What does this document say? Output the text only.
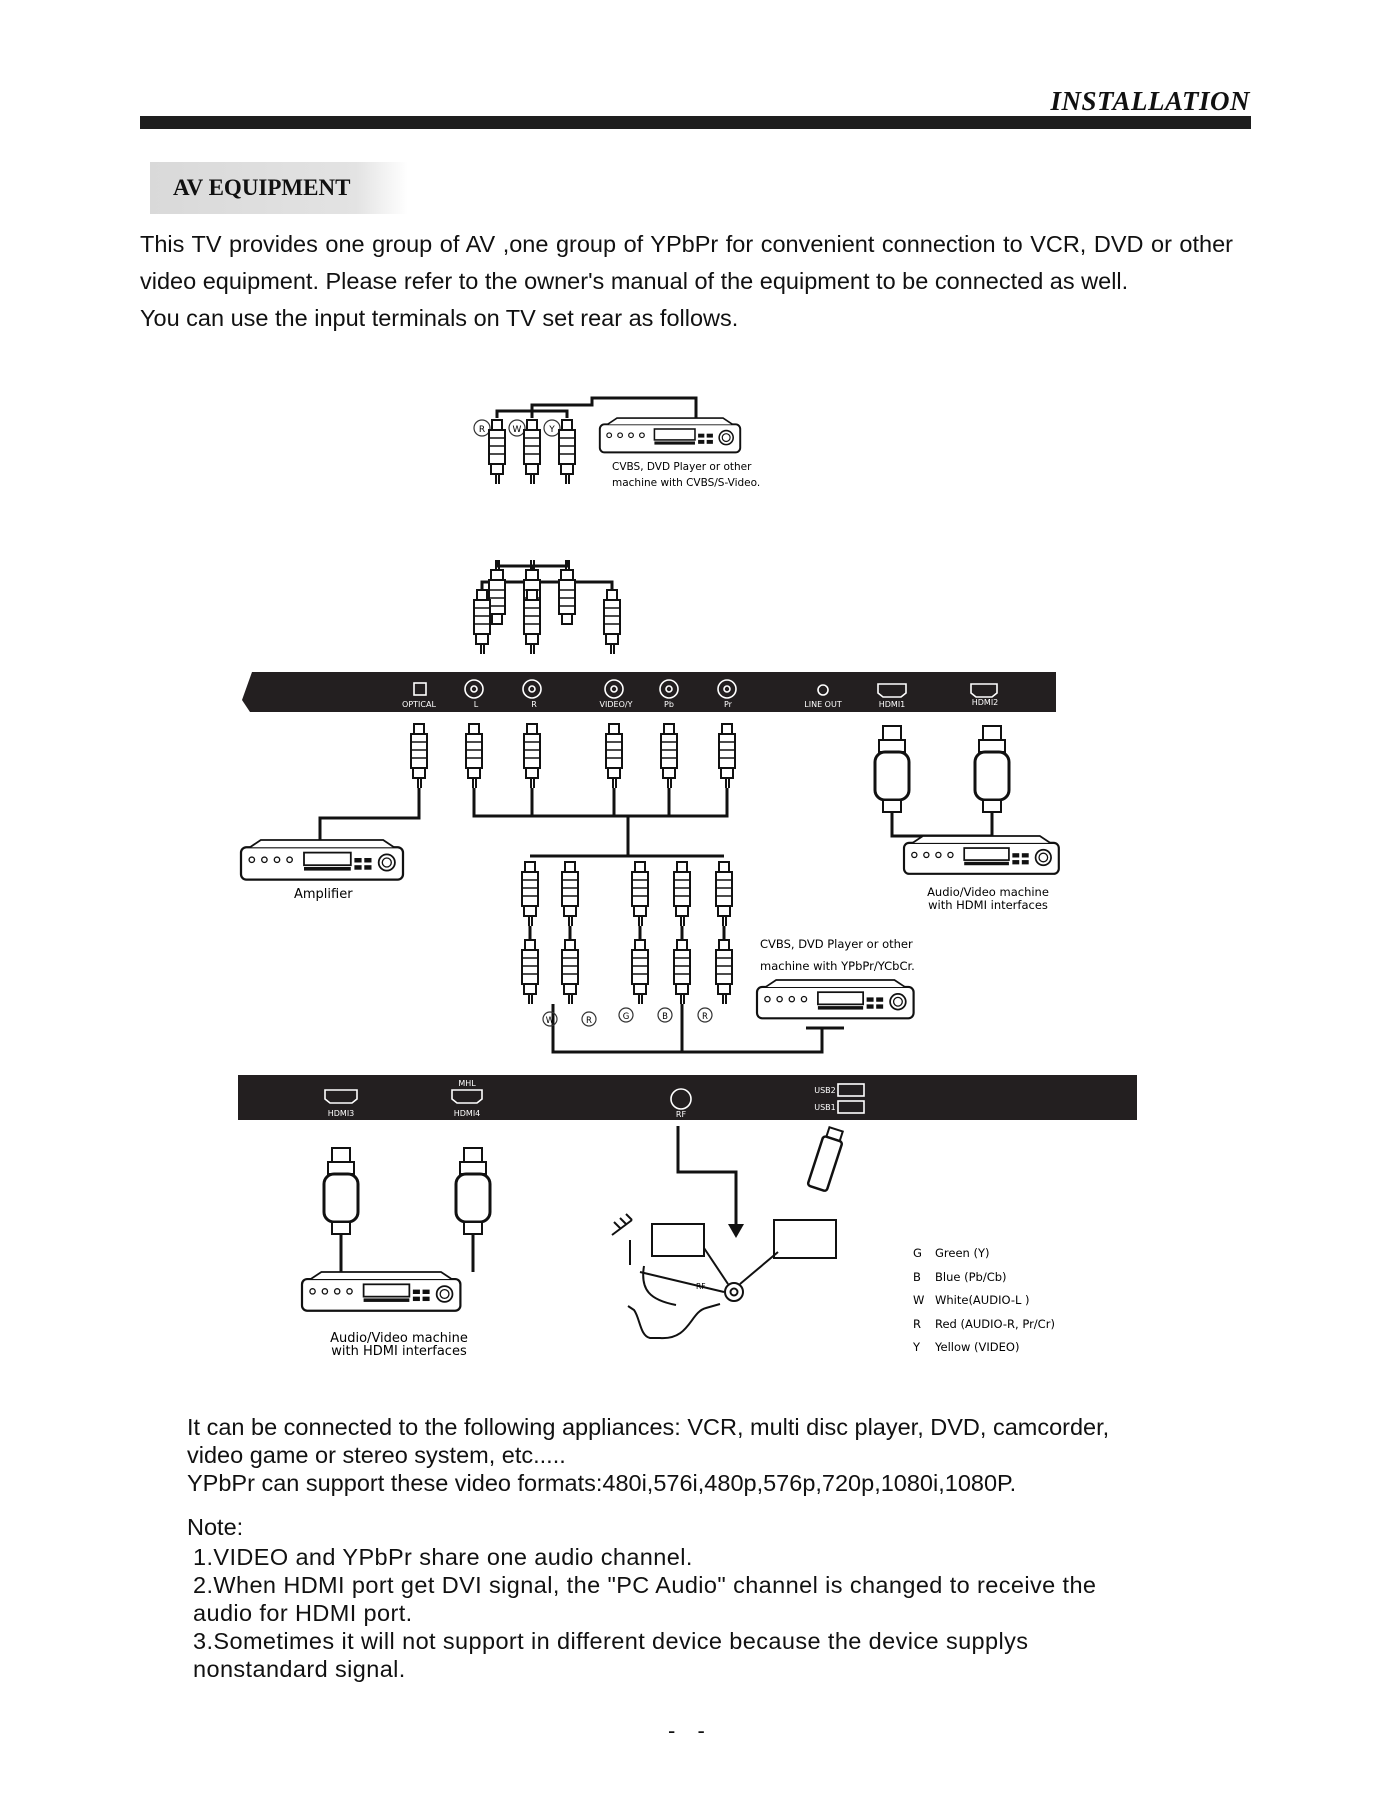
INSTALLATION
AV EQUIPMENT

This TV provides one group of AV ,one group of YPbPr for convenient connection to VCR, DVD or other video equipment. Please refer to the owner's manual of the equipment to be connected as well.

You can use the input terminals on TV set rear as follows.

R	W	Y
CVBS, DVD Player or other
machine with CVBS/S-Video.
OPTICAL	L	R	VIDEO/Y	Pb	Pr	LINE OUT	HDMI1	HDMI2
Amplifier	Audio/Video machine
with HDMI interfaces
W	R	G	B	R
CVBS, DVD Player or other
machine with YPbPr/YCbCr.
HDMI3
MHL
HDMI4	RF
USB2
USB1
RF
Audio/Video machine
with HDMI interfaces
G Green (Y)
B Blue (Pb/Cb)
W White(AUDIO-L )
R Red (AUDIO-R, Pr/Cr)
Y Yellow (VIDEO)

It can be connected to the following appliances: VCR, multi disc player, DVD, camcorder,

video game or stereo system, etc.....

YPbPr can support these video formats:480i,576i,480p,576p,720p,1080i,1080P.

Note:

1.VIDEO and YPbPr share one audio channel.

2.When HDMI port get DVI signal, the "PC Audio" channel is changed to receive the

audio for HDMI port.

3.Sometimes it will not support in different device because the device supplys

nonstandard signal.

- -
